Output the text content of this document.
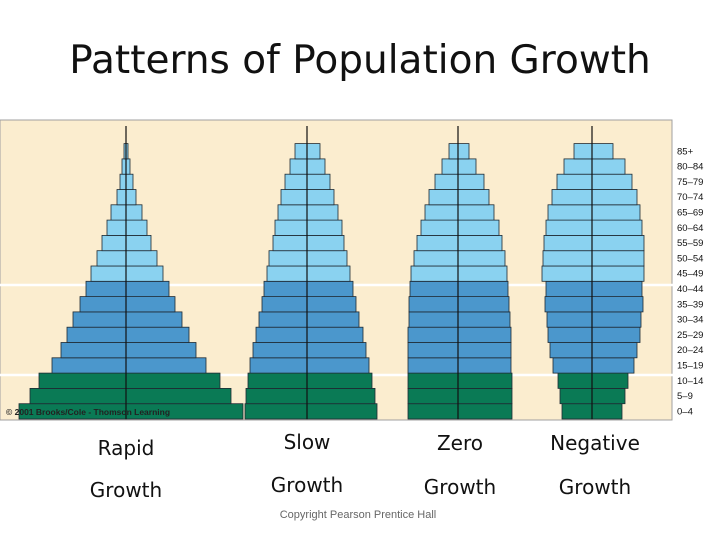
Patterns of Population Growth
0–4
5–9
10–14
15–19
20–24
25–29
30–34
35–39
40–44
45–49
50–54
55–59
60–64
65–69
70–74
75–79
80–84
85+
© 2001 Brooks/Cole - Thomson Learning
Rapid
Growth
Slow
Growth
Zero
Growth
Negative
Growth
Copyright Pearson Prentice Hall
